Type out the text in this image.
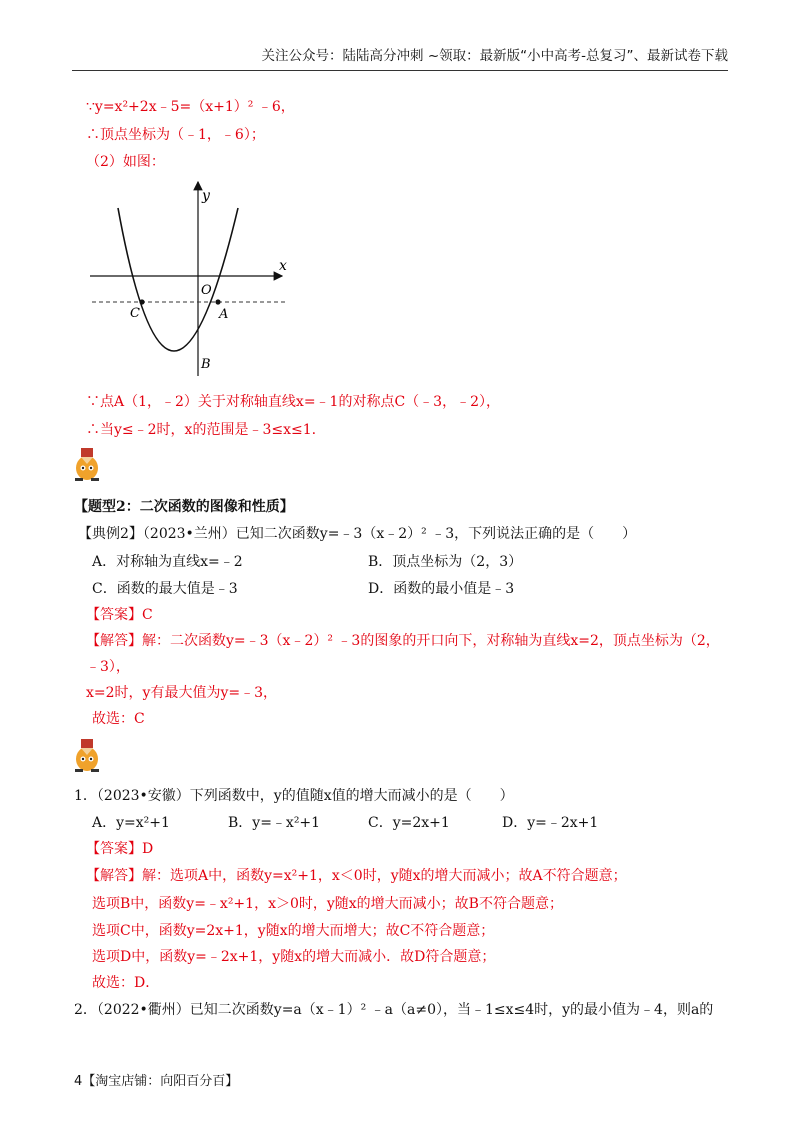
关注公众号：陆陆高分冲刺 ~领取：最新版“小中高考-总复习”、最新试卷下载
∵y=x²+2x﹣5=（x+1）² ﹣6，
∴顶点坐标为（﹣1，﹣6）；
（2）如图：
y
x
O
C	A
B
∵点A（1，﹣2）关于对称轴直线x=﹣1的对称点C（﹣3，﹣2），
∴当y≤﹣2时，x的范围是﹣3≤x≤1.
【题型2：二次函数的图像和性质】
【典例2】（2023•兰州）已知二次函数y=﹣3（x﹣2）² ﹣3，下列说法正确的是（　　）
A．对称轴为直线x=﹣2	B．顶点坐标为（2，3）
C．函数的最大值是﹣3	D．函数的最小值是﹣3
【答案】C
【解答】解：二次函数y=﹣3（x﹣2）² ﹣3的图象的开口向下，对称轴为直线x=2，顶点坐标为（2，
﹣3），
x=2时，y有最大值为y=﹣3，
故选：C
1．（2023•安徽）下列函数中，y的值随x值的增大而减小的是（　　）
A．y=x²+1	B．y=﹣x²+1	C．y=2x+1	D．y=﹣2x+1
【答案】D
【解答】解：选项A中，函数y=x²+1，x＜0时，y随x的增大而减小；故A不符合题意；
选项B中，函数y=﹣x²+1，x＞0时，y随x的增大而减小；故B不符合题意；
选项C中，函数y=2x+1，y随x的增大而增大；故C不符合题意；
选项D中，函数y=﹣2x+1，y随x的增大而减小．故D符合题意；
故选：D．
2．（2022•衢州）已知二次函数y=a（x﹣1）² ﹣a（a≠0），当﹣1≤x≤4时，y的最小值为﹣4，则a的
4【淘宝店铺：向阳百分百】
